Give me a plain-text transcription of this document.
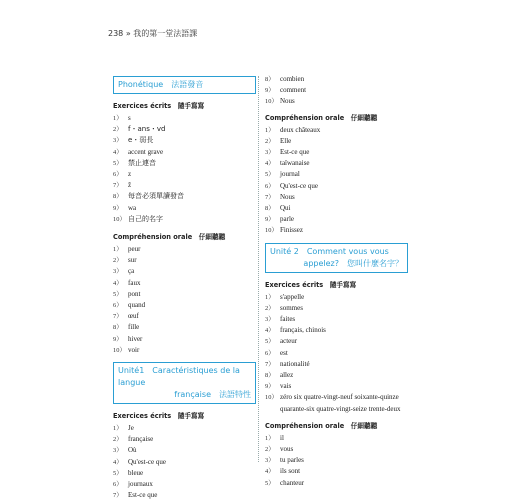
238 » 我的第一堂法語課
Phonétique　法語發音
Exercices écrits　隨手寫寫
1） s
2） f・ans・vd
3） e・弱長
4） accent grave
5） 禁止連音
6） z
7） ž
8） 每音必須單讀發音
9） wa
10） 自己的名字
Compréhension orale　仔細聽聽
1） peur
2） sur
3） ça
4） faux
5） pont
6） quand
7） œuf
8） fille
9） hiver
10） voir
Unité1　Caractéristiques de la langue
française　法語特性
Exercices écrits　隨手寫寫
1） Je
2） française
3） Où
4） Qu'est-ce que
5） bleue
6） journaux
7） Est-ce que
8） combien
9） comment
10） Nous
Compréhension orale　仔細聽聽
1） deux châteaux
2） Elle
3） Est-ce que
4） taïwanaise
5） journal
6） Qu'est-ce que
7） Nous
8） Qui
9） parle
10） Finissez
Unité 2　Comment vous vous
appelez?　您叫什麼名字？
Exercices écrits　隨手寫寫
1） s'appelle
2） sommes
3） faites
4） français, chinois
5） acteur
6） est
7） nationalité
8） allez
9） vais
10） zéro six quatre-vingt-neuf soixante-quinze quarante-six quatre-vingt-seize trente-deux
Compréhension orale　仔細聽聽
1） il
2） vous
3） tu parles
4） ils sont
5） chanteur
